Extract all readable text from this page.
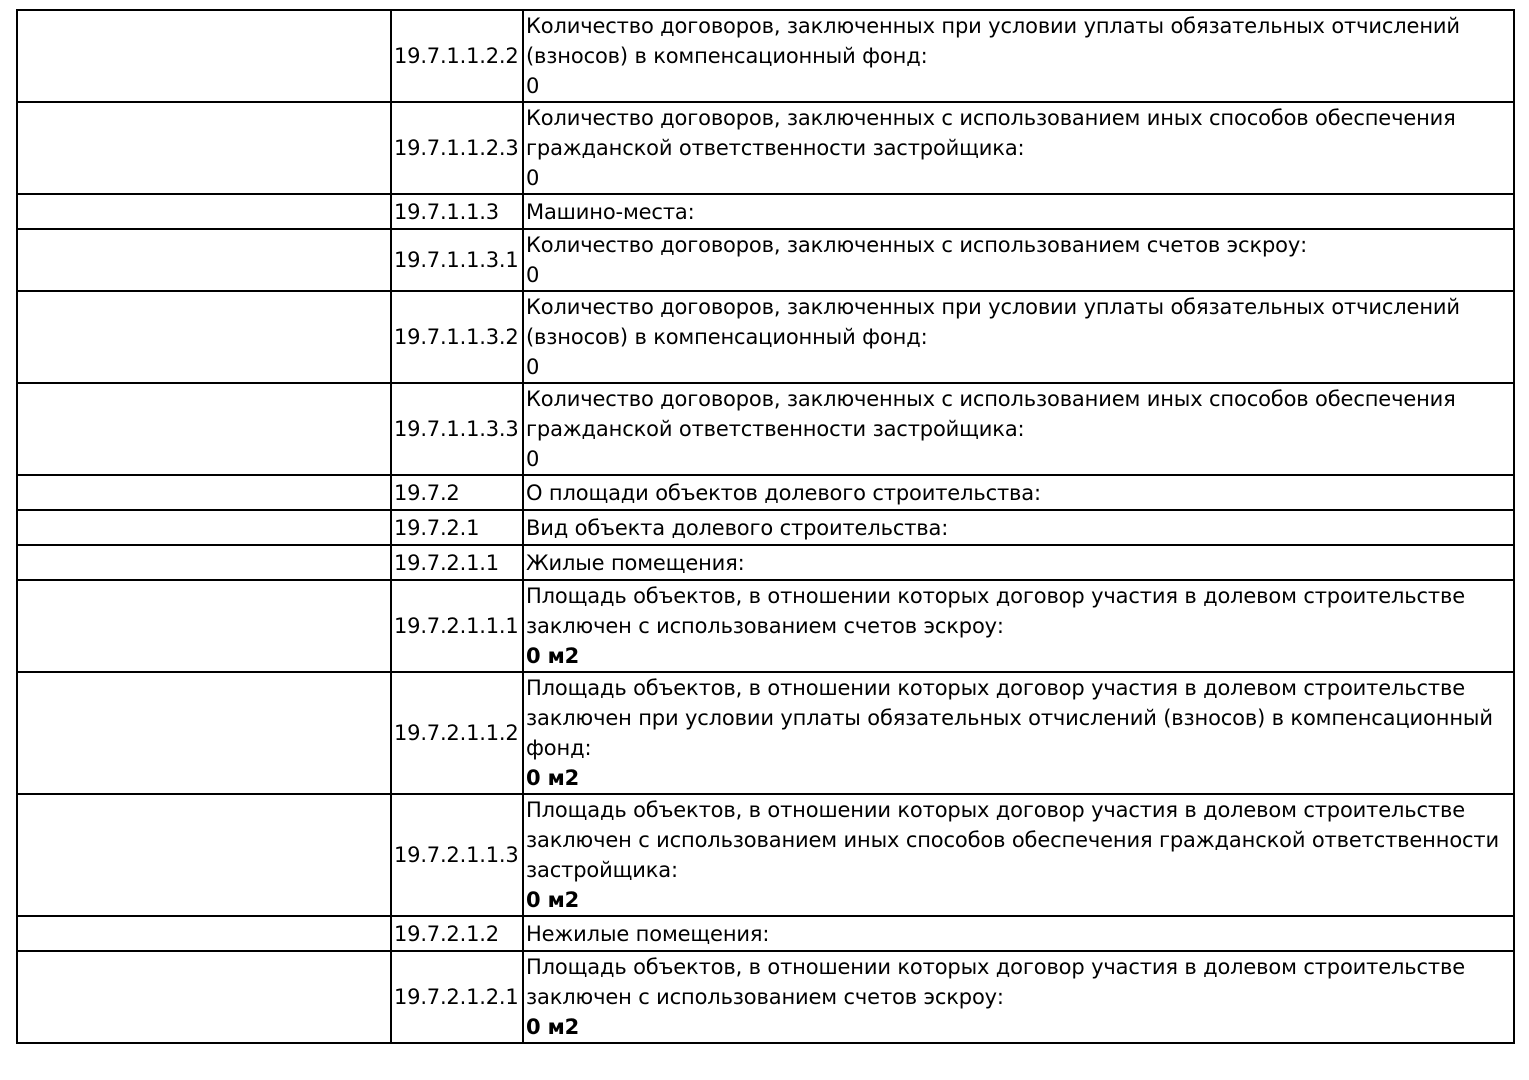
	19.7.1.1.2.2	Количество договоров, заключенных при условии уплаты обязательных отчислений (взносов) в компенсационный фонд:
0

	19.7.1.1.2.3	Количество договоров, заключенных с использованием иных способов обеспечения гражданской ответственности застройщика:
0

	19.7.1.1.3	Машино-места:
	19.7.1.1.3.1	Количество договоров, заключенных с использованием счетов эскроу:
0

	19.7.1.1.3.2	Количество договоров, заключенных при условии уплаты обязательных отчислений (взносов) в компенсационный фонд:
0

	19.7.1.1.3.3	Количество договоров, заключенных с использованием иных способов обеспечения гражданской ответственности застройщика:
0

	19.7.2	О площади объектов долевого строительства:
	19.7.2.1	Вид объекта долевого строительства:
	19.7.2.1.1	Жилые помещения:
	19.7.2.1.1.1	Площадь объектов, в отношении которых договор участия в долевом строительстве заключен с использованием счетов эскроу:
0 м2

	19.7.2.1.1.2	Площадь объектов, в отношении которых договор участия в долевом строительстве заключен при условии уплаты обязательных отчислений (взносов) в компенсационный фонд:
0 м2

	19.7.2.1.1.3	Площадь объектов, в отношении которых договор участия в долевом строительстве заключен с использованием иных способов обеспечения гражданской ответственности застройщика:
0 м2

	19.7.2.1.2	Нежилые помещения:
	19.7.2.1.2.1	Площадь объектов, в отношении которых договор участия в долевом строительстве заключен с использованием счетов эскроу:
0 м2
